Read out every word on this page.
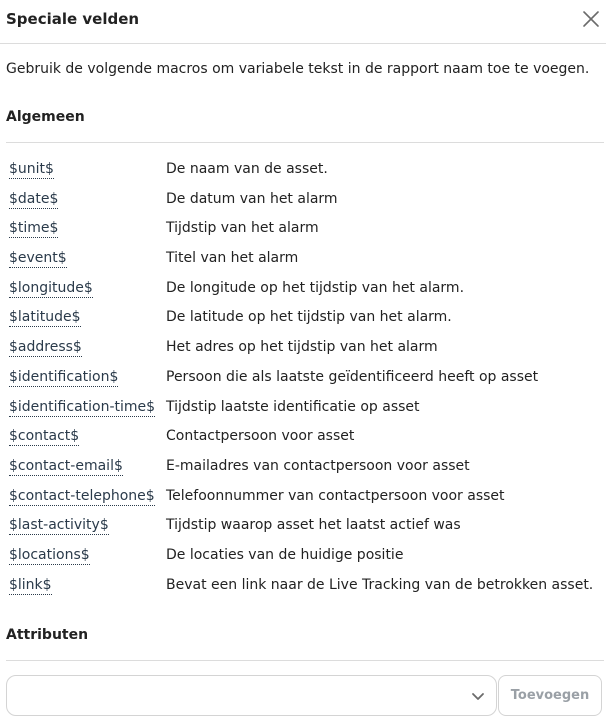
Speciale velden
Gebruik de volgende macros om variabele tekst in de rapport naam toe te voegen.
Algemeen
$unit$	De naam van de asset.
$date$	De datum van het alarm
$time$	Tijdstip van het alarm
$event$	Titel van het alarm
$longitude$	De longitude op het tijdstip van het alarm.
$latitude$	De latitude op het tijdstip van het alarm.
$address$	Het adres op het tijdstip van het alarm
$identification$	Persoon die als laatste geïdentificeerd heeft op asset
$identification-time$ Tijdstip laatste identificatie op asset
$contact$	Contactpersoon voor asset
$contact-email$	E-mailadres van contactpersoon voor asset
$contact-telephone$ Telefoonnummer van contactpersoon voor asset
$last-activity$	Tijdstip waarop asset het laatst actief was
$locations$	De locaties van de huidige positie
$link$	Bevat een link naar de Live Tracking van de betrokken asset.
Attributen
Toevoegen
